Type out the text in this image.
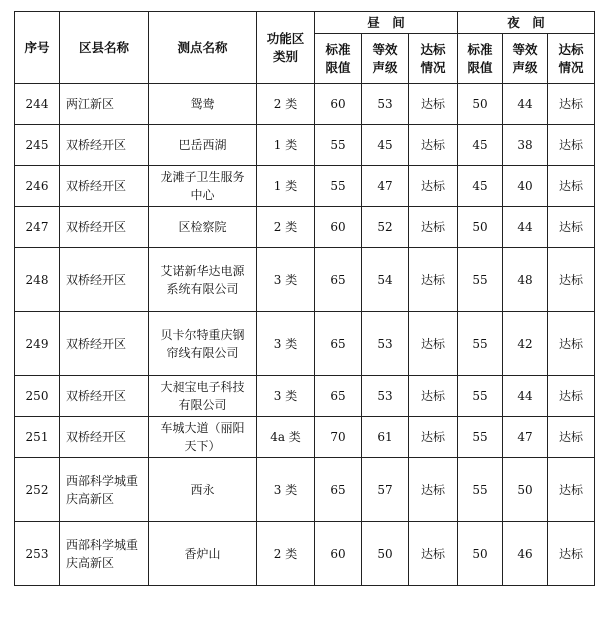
序号	区县名称	测点名称	功能区类别	昼　间			夜　间		
				标准限值	等效声级	达标情况	标准限值	等效声级	达标情况
244	两江新区	鸳鸯	2 类	60	53	达标	50	44	达标
245	双桥经开区	巴岳西湖	1 类	55	45	达标	45	38	达标
246	双桥经开区	龙滩子卫生服务中心	1 类	55	47	达标	45	40	达标
247	双桥经开区	区检察院	2 类	60	52	达标	50	44	达标
248	双桥经开区	艾诺新华达电源系统有限公司	3 类	65	54	达标	55	48	达标
249	双桥经开区	贝卡尔特重庆钢帘线有限公司	3 类	65	53	达标	55	42	达标
250	双桥经开区	大昶宝电子科技有限公司	3 类	65	53	达标	55	44	达标
251	双桥经开区	车城大道（丽阳天下）	4a 类	70	61	达标	55	47	达标
252	西部科学城重庆高新区	西永	3 类	65	57	达标	55	50	达标
253	西部科学城重庆高新区	香炉山	2 类	60	50	达标	50	46	达标
